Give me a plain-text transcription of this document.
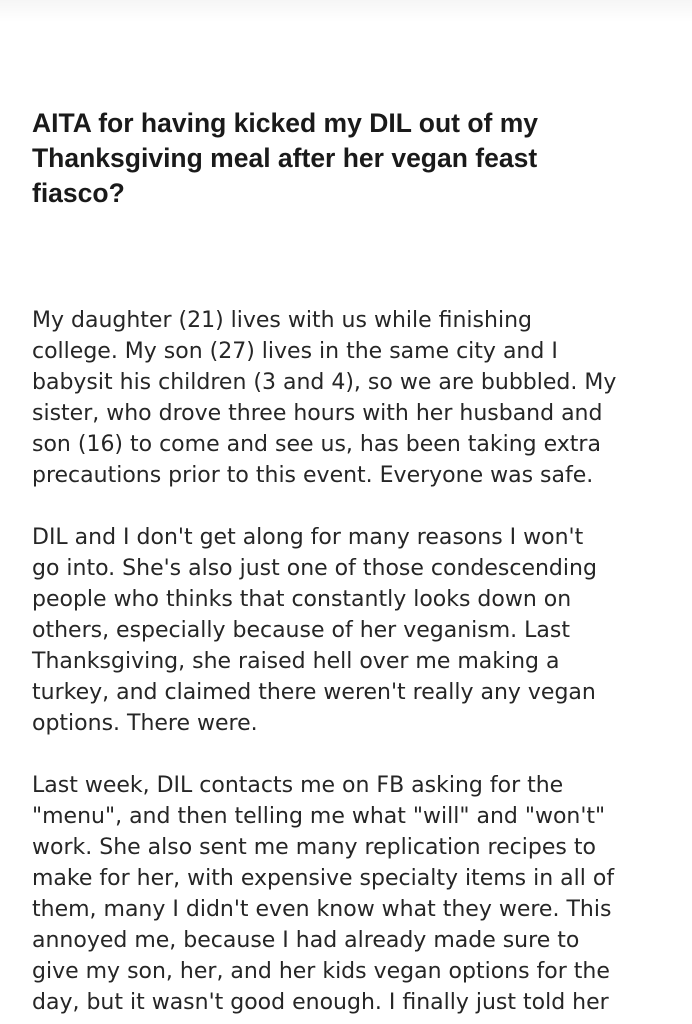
AITA for having kicked my DIL out of my
Thanksgiving meal after her vegan feast
fiasco?

My daughter (21) lives with us while finishing
college. My son (27) lives in the same city and I
babysit his children (3 and 4), so we are bubbled. My
sister, who drove three hours with her husband and
son (16) to come and see us, has been taking extra
precautions prior to this event. Everyone was safe.

DIL and I don't get along for many reasons I won't
go into. She's also just one of those condescending
people who thinks that constantly looks down on
others, especially because of her veganism. Last
Thanksgiving, she raised hell over me making a
turkey, and claimed there weren't really any vegan
options. There were.

Last week, DIL contacts me on FB asking for the
"menu", and then telling me what "will" and "won't"
work. She also sent me many replication recipes to
make for her, with expensive specialty items in all of
them, many I didn't even know what they were. This
annoyed me, because I had already made sure to
give my son, her, and her kids vegan options for the
day, but it wasn't good enough. I finally just told her
